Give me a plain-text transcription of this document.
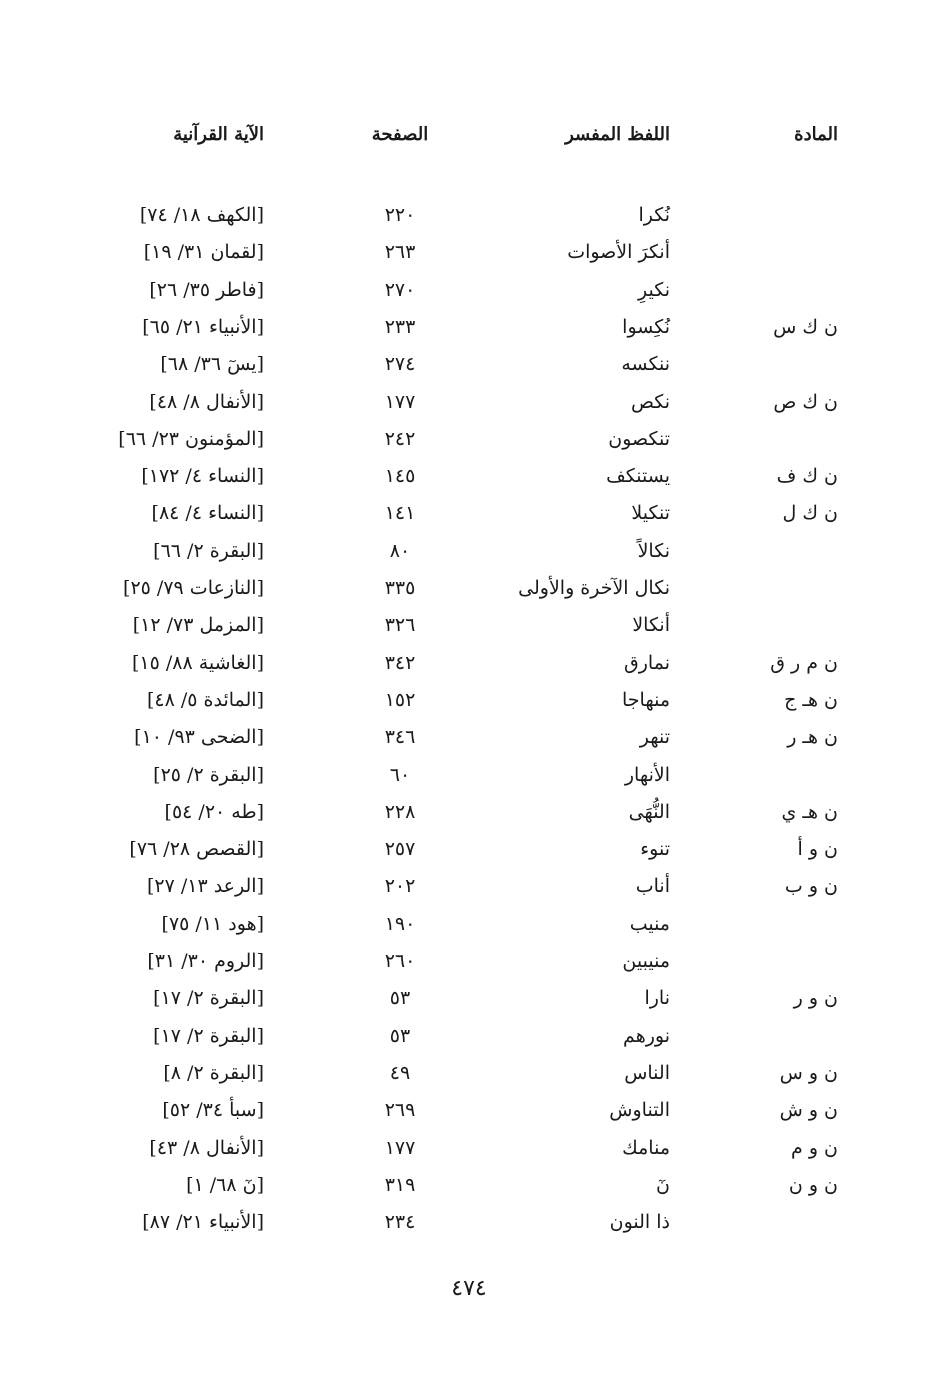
المادة
اللفظ المفسر
الصفحة
الآية القرآنية
نُكرا
٢٢٠
[الكهف ١٨/ ٧٤]
أنكرَ الأصوات
٢٦٣
[لقمان ٣١/ ١٩]
نكيرِ
٢٧٠
[فاطر ٣٥/ ٢٦]
ن ك س
نُكِسوا
٢٣٣
[الأنبياء ٢١/ ٦٥]
ننكسه
٢٧٤
[يسٓ ٣٦/ ٦٨]
ن ك ص
نكص
١٧٧
[الأنفال ٨/ ٤٨]
تنكصون
٢٤٢
[المؤمنون ٢٣/ ٦٦]
ن ك ف
يستنكف
١٤٥
[النساء ٤/ ١٧٢]
ن ك ل
تنكيلا
١٤١
[النساء ٤/ ٨٤]
نكالاً
٨٠
[البقرة ٢/ ٦٦]
نكال الآخرة والأولى
٣٣٥
[النازعات ٧٩/ ٢٥]
أنكالا
٣٢٦
[المزمل ٧٣/ ١٢]
ن م ر ق
نمارق
٣٤٢
[الغاشية ٨٨/ ١٥]
ن هـ ج
منهاجا
١٥٢
[المائدة ٥/ ٤٨]
ن هـ ر
تنهر
٣٤٦
[الضحى ٩٣/ ١٠]
الأنهار
٦٠
[البقرة ٢/ ٢٥]
ن هـ ي
النُّهَى
٢٢٨
[طه ٢٠/ ٥٤]
ن و أ
تنوء
٢٥٧
[القصص ٢٨/ ٧٦]
ن و ب
أناب
٢٠٢
[الرعد ١٣/ ٢٧]
منيب
١٩٠
[هود ١١/ ٧٥]
منيبين
٢٦٠
[الروم ٣٠/ ٣١]
ن و ر
نارا
٥٣
[البقرة ٢/ ١٧]
نورهم
٥٣
[البقرة ٢/ ١٧]
ن و س
الناس
٤٩
[البقرة ٢/ ٨]
ن و ش
التناوش
٢٦٩
[سبأ ٣٤/ ٥٢]
ن و م
منامك
١٧٧
[الأنفال ٨/ ٤٣]
ن و ن
نٓ
٣١٩
[نٓ ٦٨/ ١]
ذا النون
٢٣٤
[الأنبياء ٢١/ ٨٧]
٤٧٤
